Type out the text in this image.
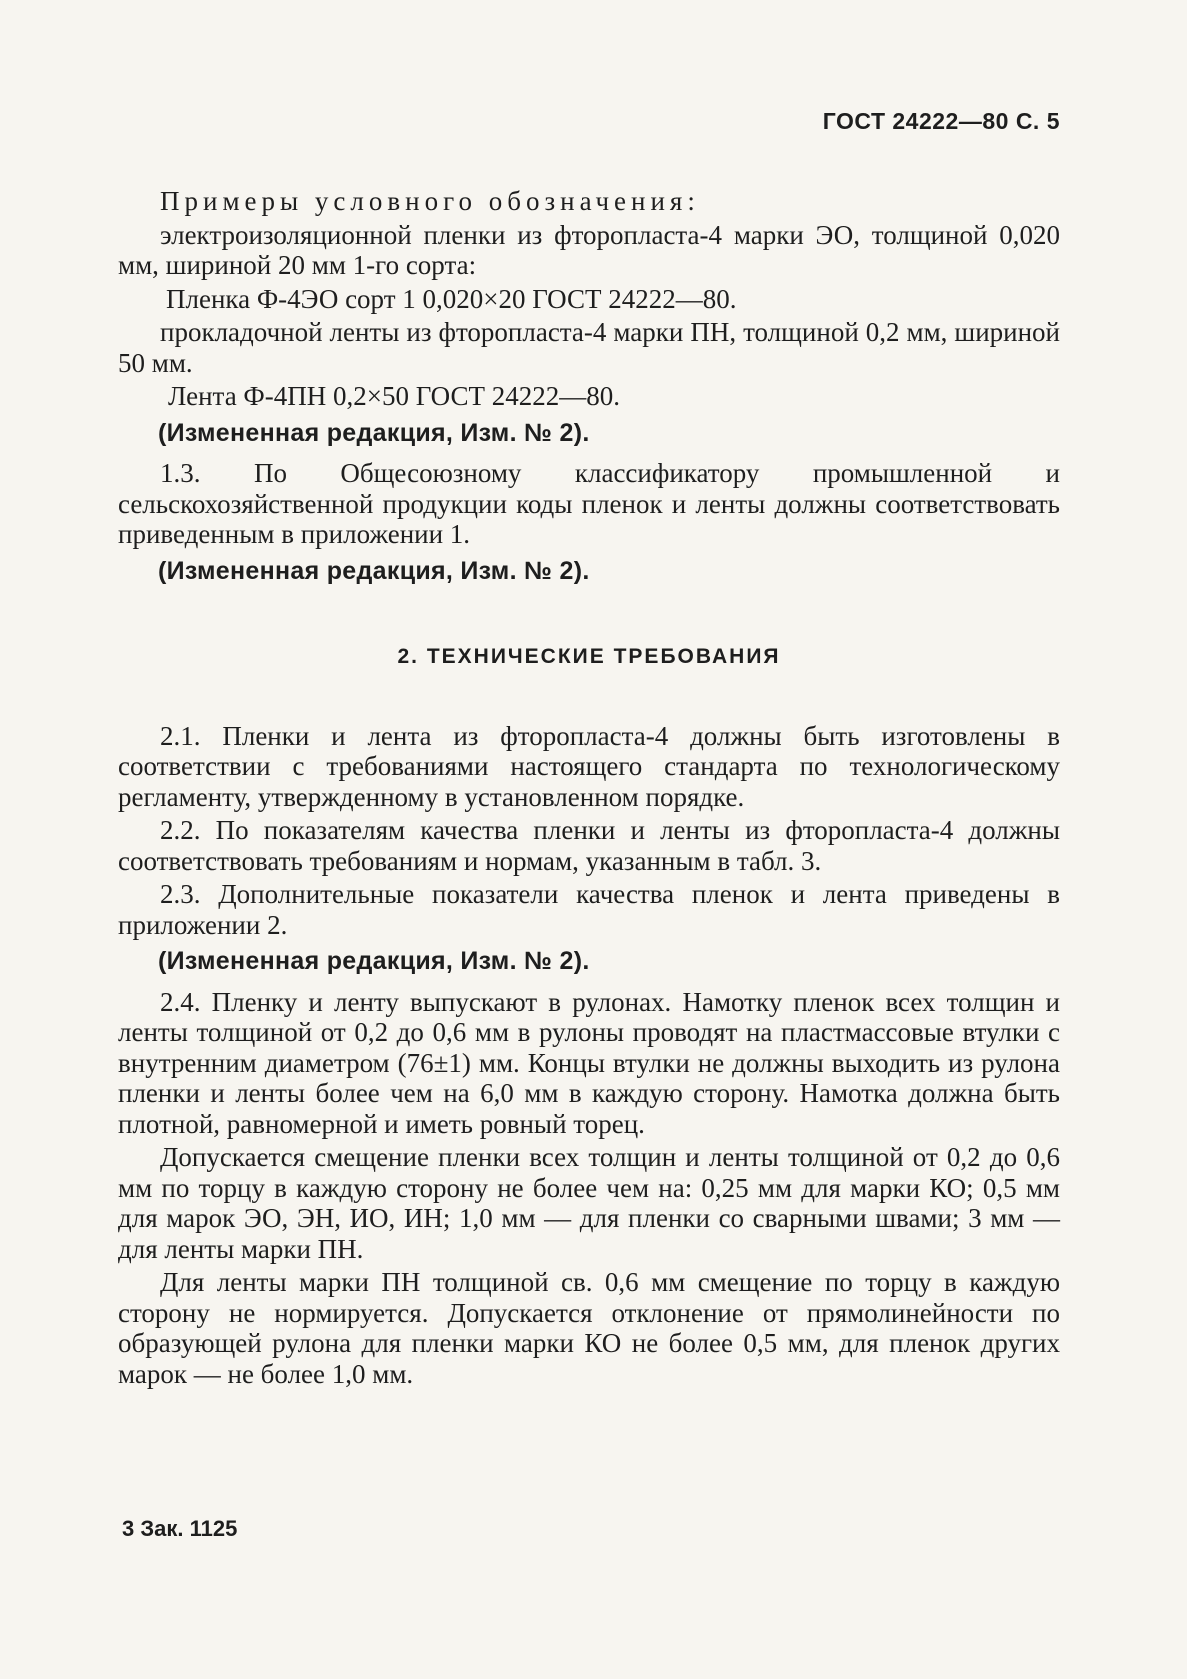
ГОСТ 24222—80 С. 5

Примеры условного обозначения:

электроизоляционной пленки из фторопласта-4 марки ЭО, толщиной 0,020 мм, шириной 20 мм 1-го сорта:

Пленка Ф-4ЭО сорт 1 0,020×20 ГОСТ 24222—80.

прокладочной ленты из фторопласта-4 марки ПН, толщиной 0,2 мм, шириной 50 мм.

Лента Ф-4ПН 0,2×50 ГОСТ 24222—80.

(Измененная редакция, Изм. № 2).

1.3. По Общесоюзному классификатору промышленной и сельскохозяйственной продукции коды пленок и ленты должны соответствовать приведенным в приложении 1.

(Измененная редакция, Изм. № 2).

2. ТЕХНИЧЕСКИЕ ТРЕБОВАНИЯ

2.1. Пленки и лента из фторопласта-4 должны быть изготовлены в соответствии с требованиями настоящего стандарта по технологическому регламенту, утвержденному в установленном порядке.

2.2. По показателям качества пленки и ленты из фторопласта-4 должны соответствовать требованиям и нормам, указанным в табл. 3.

2.3. Дополнительные показатели качества пленок и лента приведены в приложении 2.

(Измененная редакция, Изм. № 2).

2.4. Пленку и ленту выпускают в рулонах. Намотку пленок всех толщин и ленты толщиной от 0,2 до 0,6 мм в рулоны проводят на пластмассовые втулки с внутренним диаметром (76±1) мм. Концы втулки не должны выходить из рулона пленки и ленты более чем на 6,0 мм в каждую сторону. Намотка должна быть плотной, равномерной и иметь ровный торец.

Допускается смещение пленки всех толщин и ленты толщиной от 0,2 до 0,6 мм по торцу в каждую сторону не более чем на: 0,25 мм для марки КО; 0,5 мм для марок ЭО, ЭН, ИО, ИН; 1,0 мм — для пленки со сварными швами; 3 мм — для ленты марки ПН.

Для ленты марки ПН толщиной св. 0,6 мм смещение по торцу в каждую сторону не нормируется. Допускается отклонение от прямолинейности по образующей рулона для пленки марки КО не более 0,5 мм, для пленок других марок — не более 1,0 мм.

3 Зак. 1125
